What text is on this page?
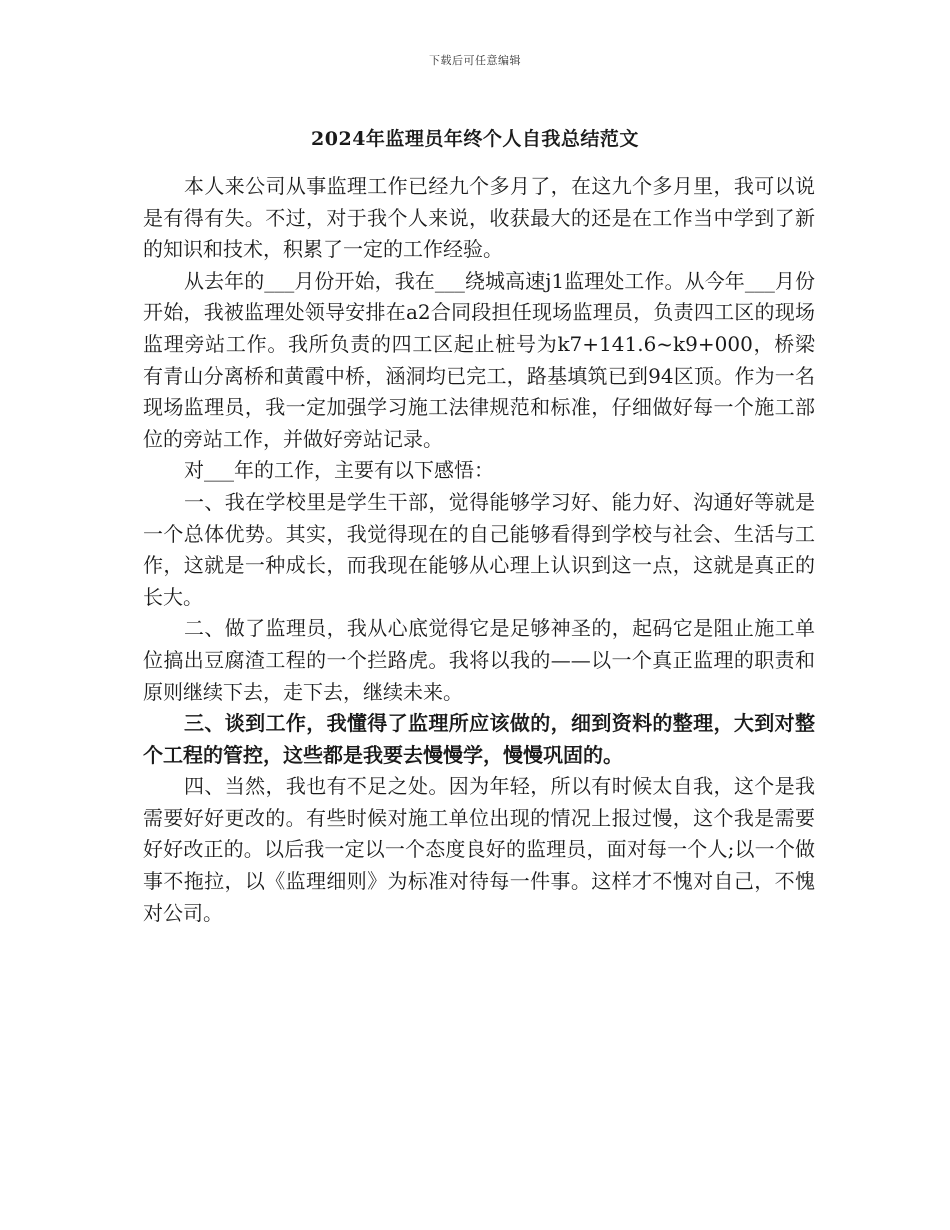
下载后可任意编辑
2024年监理员年终个人自我总结范文

本人来公司从事监理工作已经九个多月了，在这九个多月里，我可以说是有得有失。不过，对于我个人来说，收获最大的还是在工作当中学到了新的知识和技术，积累了一定的工作经验。

从去年的___月份开始，我在___绕城高速j1监理处工作。从今年___月份开始，我被监理处领导安排在a2合同段担任现场监理员，负责四工区的现场监理旁站工作。我所负责的四工区起止桩号为k7+141.6~k9+000，桥梁有青山分离桥和黄霞中桥，涵洞均已完工，路基填筑已到94区顶。作为一名现场监理员，我一定加强学习施工法律规范和标准，仔细做好每一个施工部位的旁站工作，并做好旁站记录。

对___年的工作，主要有以下感悟：

一、我在学校里是学生干部，觉得能够学习好、能力好、沟通好等就是一个总体优势。其实，我觉得现在的自己能够看得到学校与社会、生活与工作，这就是一种成长，而我现在能够从心理上认识到这一点，这就是真正的长大。

二、做了监理员，我从心底觉得它是足够神圣的，起码它是阻止施工单位搞出豆腐渣工程的一个拦路虎。我将以我的——以一个真正监理的职责和原则继续下去，走下去，继续未来。

三、谈到工作，我懂得了监理所应该做的，细到资料的整理，大到对整个工程的管控，这些都是我要去慢慢学，慢慢巩固的。

四、当然，我也有不足之处。因为年轻，所以有时候太自我，这个是我需要好好更改的。有些时候对施工单位出现的情况上报过慢，这个我是需要好好改正的。以后我一定以一个态度良好的监理员，面对每一个人;以一个做事不拖拉，以《监理细则》为标准对待每一件事。这样才不愧对自己，不愧对公司。
